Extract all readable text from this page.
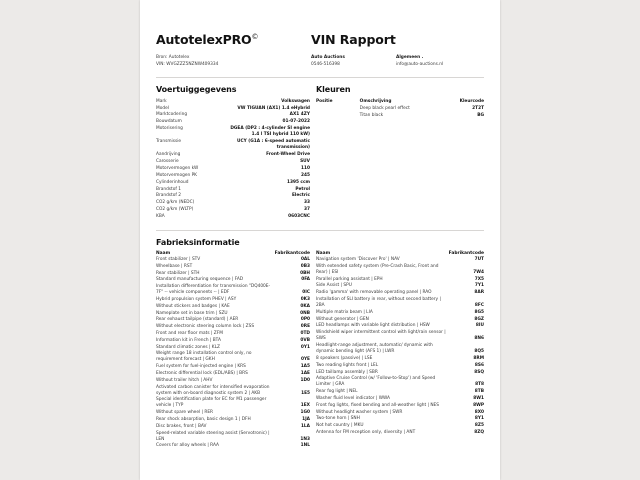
AutotelexPRO©	VIN Rapport
Bron: Autotelex
VIN: WVGZZZ5NZNW409334
Auto Auctions
0546-516398
Algemeen .
info@auto-auctions.nl
Voertuiggegevens
Mark	Volkswagen
Model	VW TIGUAN (AX1) 1.4 eHybrid
Marktcodering	AX1 4ZY
Bouwdatum	01-07-2022
Motorisering	DGEA (DP2 : 4-cylinder SI engine 1.4 l TSI hybrid 110 kW)
Transmissie	UCY (G1A : 6-speed automatic transmission)
Aandrijving	Front-Wheel Drive
Carosserie	SUV
Motorvermogen kW	110
Motorvermogen PK	245
Cylinderinhoud	1395 ccm
Brandstof 1	Petrol
Brandstof 2	Electric
CO2 g/km (NEDC)	33
CO2 g/km (WLTP)	37
KBA	0603CNC
Kleuren
Positie	Omschrijving	Kleurcode
	Deep black pearl effect	2T2T
	Titan black	BG
Fabrieksinformatie
Naam	Fabrikantcode
Front stabilizer | STV	0AL
Wheelbase | RST	0B3
Rear stabilizer | STH	0BH
Standard manufacturing sequence | FAD	0FA
Installation differentiation for transmission "DQ400E-7F" -- vehicle components -- | EDF	0IC
Hybrid propulsion system PHEV | ASY	0K3
Without stickers and badges | KAE	0KA
Nameplate set in base trim | SZU	0NB
Rear exhaust tailpipe (standard) | AER	0P0
Without electronic steering column lock | ZSS	0RE
Front and rear floor mats | ZFM	0TD
Information kit in French | BTA	0VB
Standard climatic zones | KLZ	0Y1
Weight range 18 installation control only, no requirement forecast | GKH	0YE
Fuel system for fuel-injected engine | KRS	1A5
Electronic differential lock (EDL/ABS) | BRS	1AE
Without trailer hitch | AHV	1D0
Activated carbon canister for intensified evaporation system with on-board diagnostic system 2 | AKB	1E5
Special identification plate for EC for M1 passenger vehicle | TYP	1EX
Without spare wheel | RER	1G0
Rear shock absorption, basic design 1 | DFH	1JA
Disc brakes, front | BAV	1LA
Speed-related variable steering assist (Servotronic) | LEN	1N3
Covers for alloy wheels | RAA	1NL
Naam	Fabrikantcode
Navigation system 'Discover Pro' | NAV	7UT
With extended safety system (Pre-Crash Basic, Front and Rear) | ESI	7W4
Parallel parking assistant | EPH	7X5
Side Assist | SPU	7Y1
Radio 'gamma' with removable operating panel | RAO	8AR
Installation of SLI battery in rear, without second battery | 2BA	8FC
Multiple matrix beam | LIA	8G5
Without generator | GEN	8GZ
LED headlamps with variable light distribution | HSW	8IU
Windshield wiper intermittent control with light/rain sensor | SWS	8N6
Headlight-range adjustment, automatic/ dynamic with dynamic bending light (AFS 1) | LWR	8Q5
8 speakers (passive) | LSE	8RM
Two reading lights front | LEL	8S6
LED taillamp assembly | SBR	8SQ
Adaptive Cruise Control (w/ 'Follow-to-Stop') and Speed Limiter | GRA	8T8
Rear fog light | NEL	8TB
Washer fluid level indicator | WWA	8W1
Front fog lights, fixed bending and all-weather light | NES	8WP
Without headlight washer system | SWR	8X0
Two-tone horn | SNH	8Y1
Not hot country | MKU	8Z5
Antenna for FM reception only, diversity | ANT	8ZQ
